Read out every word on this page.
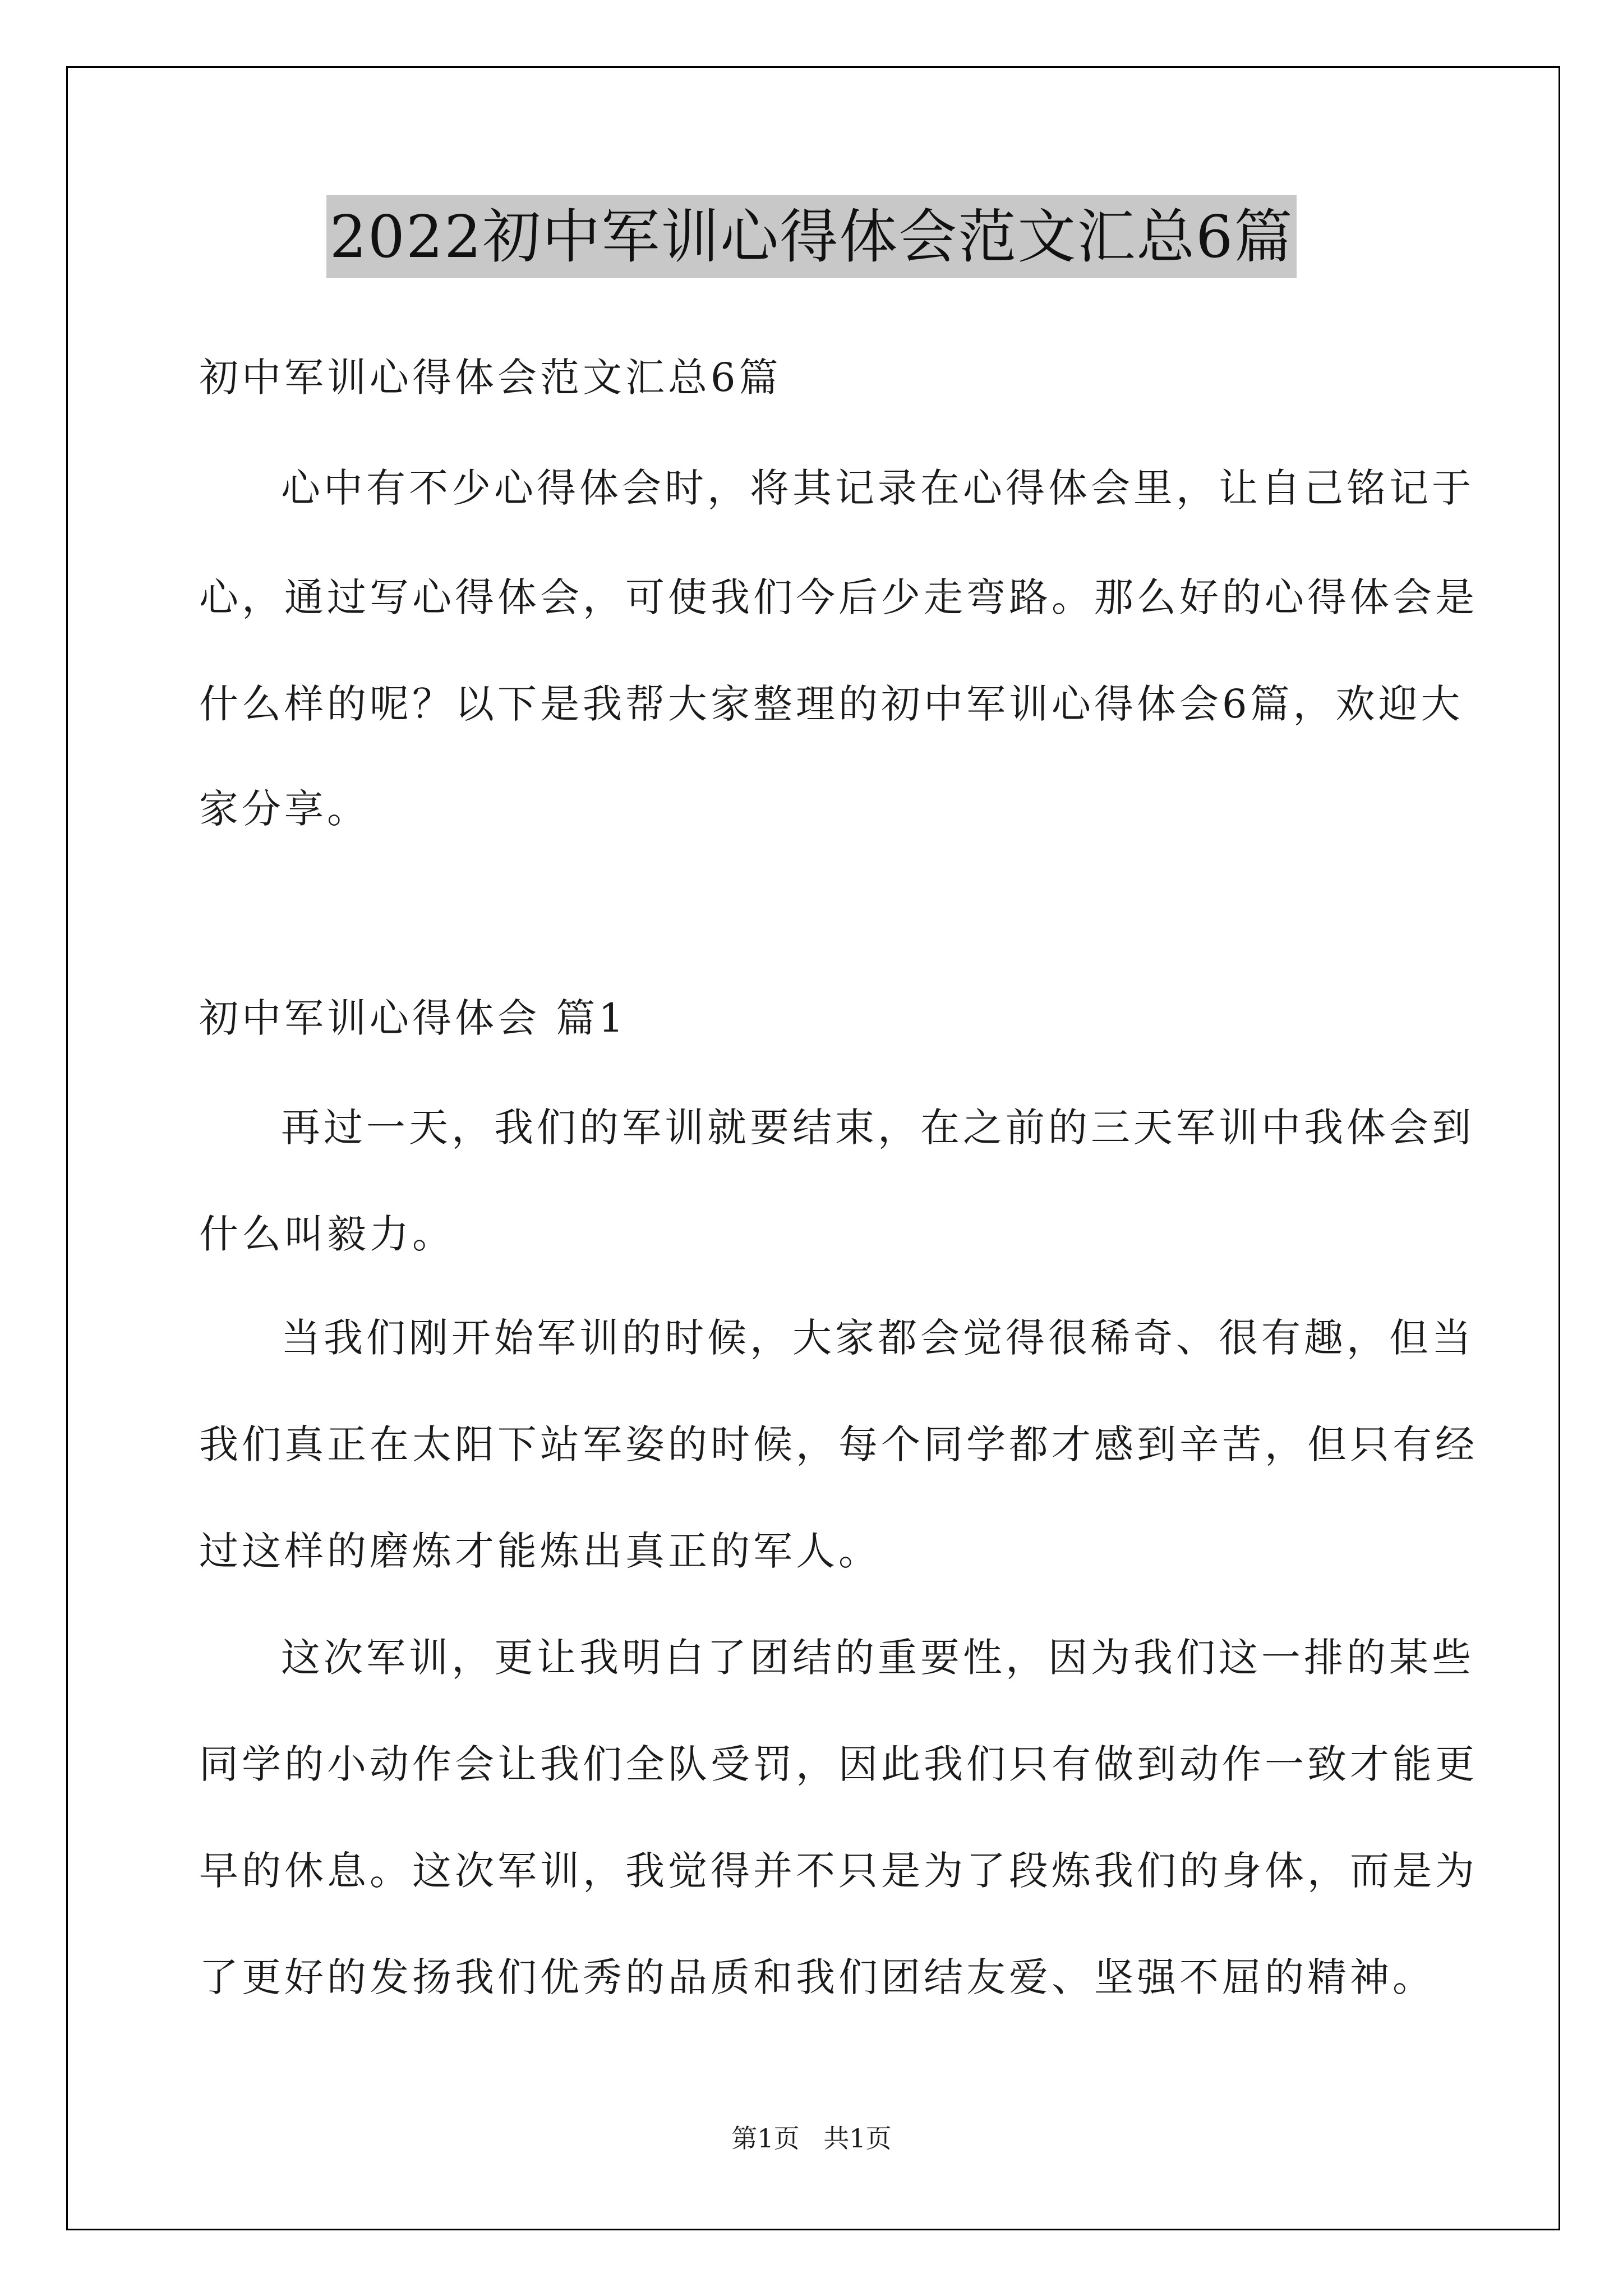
2022初中军训心得体会范文汇总6篇
初中军训心得体会范文汇总6篇
心中有不少心得体会时，将其记录在心得体会里，让自己铭记于
心，通过写心得体会，可使我们今后少走弯路。那么好的心得体会是
什么样的呢？以下是我帮大家整理的初中军训心得体会6篇，欢迎大
家分享。
初中军训心得体会 篇1
再过一天，我们的军训就要结束，在之前的三天军训中我体会到
什么叫毅力。
当我们刚开始军训的时候，大家都会觉得很稀奇、很有趣，但当
我们真正在太阳下站军姿的时候，每个同学都才感到辛苦，但只有经
过这样的磨炼才能炼出真正的军人。
这次军训，更让我明白了团结的重要性，因为我们这一排的某些
同学的小动作会让我们全队受罚，因此我们只有做到动作一致才能更
早的休息。这次军训，我觉得并不只是为了段炼我们的身体，而是为
了更好的发扬我们优秀的品质和我们团结友爱、坚强不屈的精神。
第1页 共1页
